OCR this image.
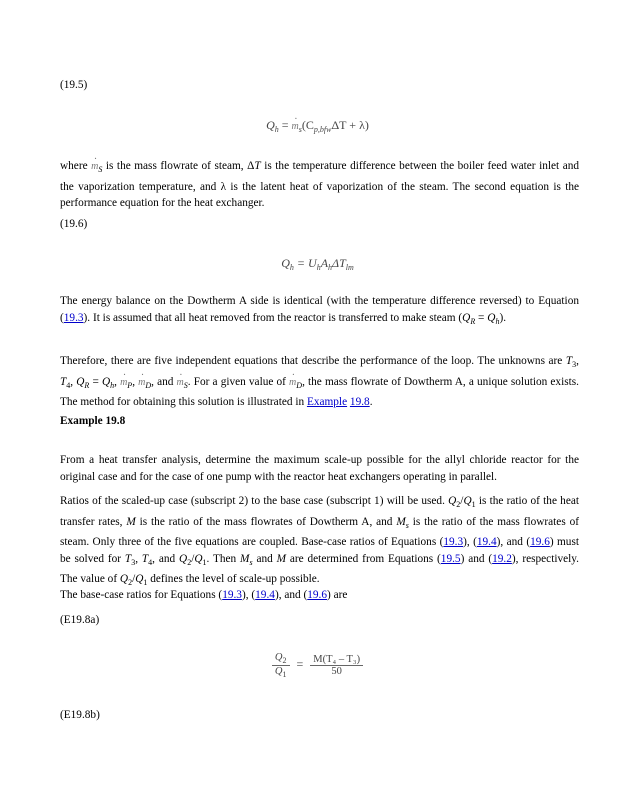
(19.5)
$Q_h$ = · $m_s(C_{p,bfw}\Delta T + \lambda)$

where · $m_S$ is the mass flowrate of steam, ΔT is the temperature difference between the boiler feed water inlet and the vaporization temperature, and λ is the latent heat of vaporization of the steam. The second equation is the performance equation for the heat exchanger.

(19.6)
$Q_h = U_hA_h\Delta T_{lm}$

The energy balance on the Dowtherm A side is identical (with the temperature difference reversed) to Equation (19.3). It is assumed that all heat removed from the reactor is transferred to make steam $(Q_R = Q_h)$.

Therefore, there are five independent equations that describe the performance of the loop. The unknowns are $T_3$, $T_4$, $Q_R = Q_h$, · $m_P$, · $m_D$, and · $m_S$. For a given value of · $m_D$, the mass flowrate of Dowtherm A, a unique solution exists. The method for obtaining this solution is illustrated in Example 19.8.

Example 19.8

From a heat transfer analysis, determine the maximum scale-up possible for the allyl chloride reactor for the original case and for the case of one pump with the reactor heat exchangers operating in parallel.

Ratios of the scaled-up case (subscript 2) to the base case (subscript 1) will be used. $Q_2/Q_1$ is the ratio of the heat transfer rates, M is the ratio of the mass flowrates of Dowtherm A, and $M_s$ is the ratio of the mass flowrates of steam. Only three of the five equations are coupled. Base-case ratios of Equations (19.3), (19.4), and (19.6) must be solved for $T_3$, $T_4$, and $Q_2/Q_1$. Then $M_s$ and M are determined from Equations (19.5) and (19.2), respectively. The value of $Q_2/Q_1$ defines the level of scale-up possible.

The base-case ratios for Equations (19.3), (19.4), and (19.6) are

(E19.8a)
$\frac{Q_2}{Q_1} = \frac{\text{M(T₄ – T₃)}}{50}$
(E19.8b)
